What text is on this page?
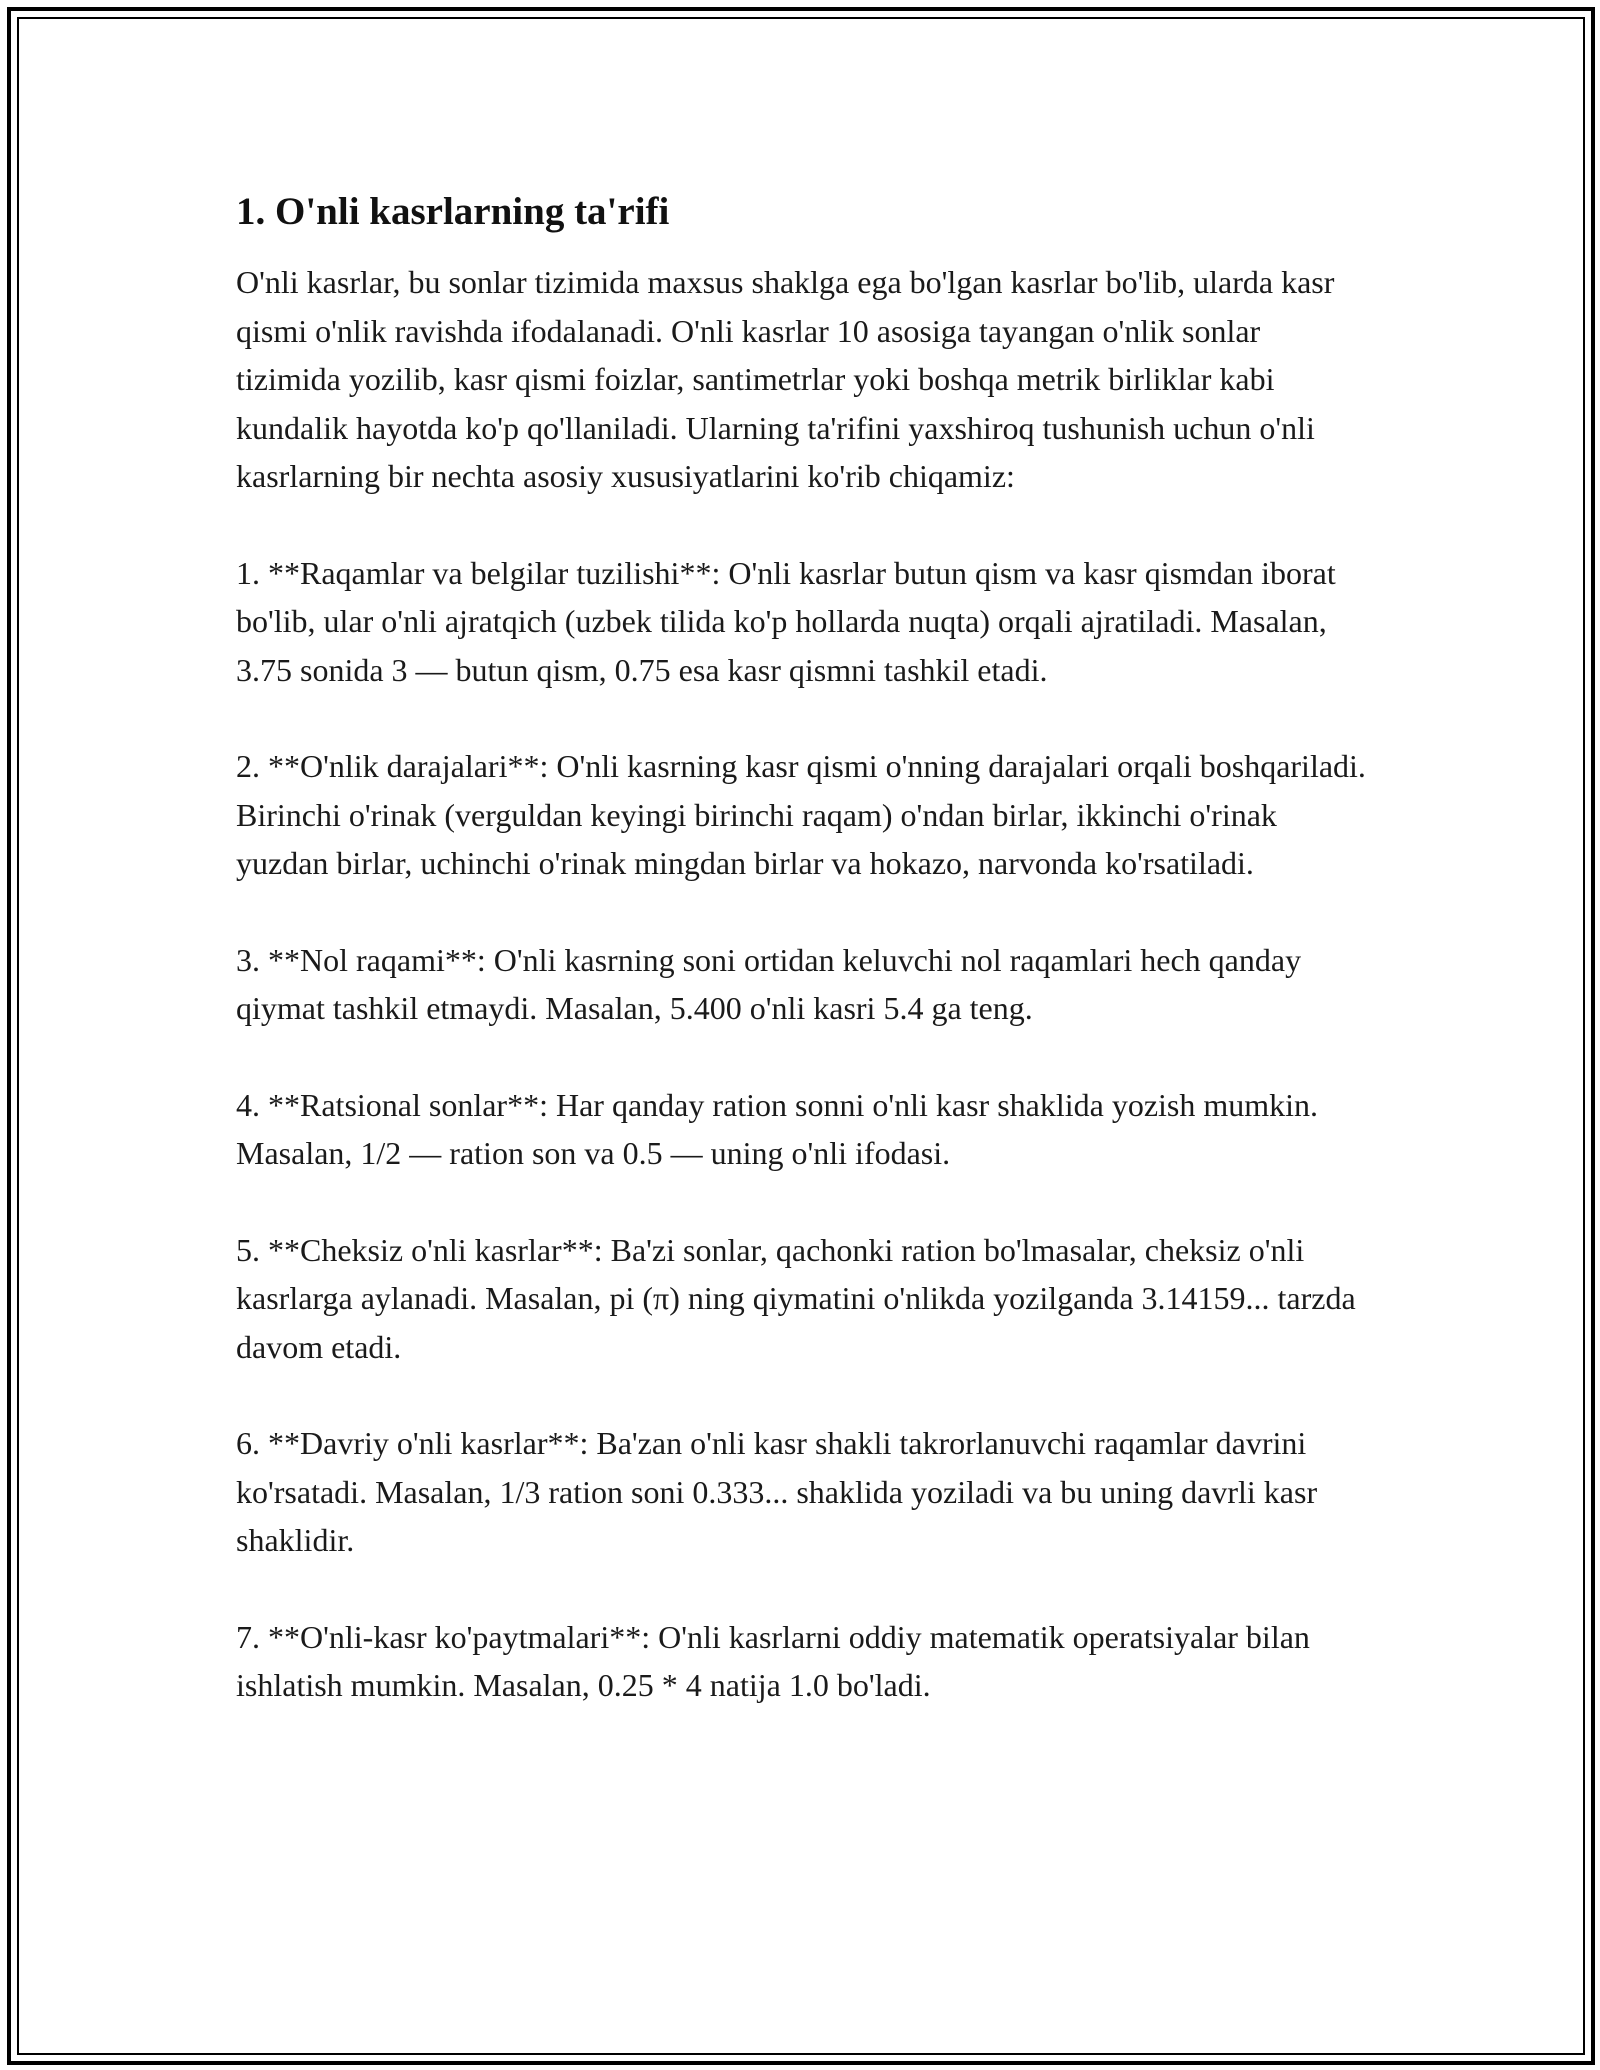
1. O'nli kasrlarning ta'rifi

O'nli kasrlar, bu sonlar tizimida maxsus shaklga ega bo'lgan kasrlar bo'lib, ularda kasr qismi o'nlik ravishda ifodalanadi. O'nli kasrlar 10 asosiga tayangan o'nlik sonlar tizimida yozilib, kasr qismi foizlar, santimetrlar yoki boshqa metrik birliklar kabi kundalik hayotda ko'p qo'llaniladi. Ularning ta'rifini yaxshiroq tushunish uchun o'nli kasrlarning bir nechta asosiy xususiyatlarini ko'rib chiqamiz:

1. **Raqamlar va belgilar tuzilishi**: O'nli kasrlar butun qism va kasr qismdan iborat bo'lib, ular o'nli ajratqich (uzbek tilida ko'p hollarda nuqta) orqali ajratiladi. Masalan, 3.75 sonida 3 — butun qism, 0.75 esa kasr qismni tashkil etadi.

2. **O'nlik darajalari**: O'nli kasrning kasr qismi o'nning darajalari orqali boshqariladi. Birinchi o'rinak (verguldan keyingi birinchi raqam) o'ndan birlar, ikkinchi o'rinak yuzdan birlar, uchinchi o'rinak mingdan birlar va hokazo, narvonda ko'rsatiladi.

3. **Nol raqami**: O'nli kasrning soni ortidan keluvchi nol raqamlari hech qanday qiymat tashkil etmaydi. Masalan, 5.400 o'nli kasri 5.4 ga teng.

4. **Ratsional sonlar**: Har qanday ration sonni o'nli kasr shaklida yozish mumkin. Masalan, 1/2 — ration son va 0.5 — uning o'nli ifodasi.

5. **Cheksiz o'nli kasrlar**: Ba'zi sonlar, qachonki ration bo'lmasalar, cheksiz o'nli kasrlarga aylanadi. Masalan, pi (π) ning qiymatini o'nlikda yozilganda 3.14159... tarzda davom etadi.

6. **Davriy o'nli kasrlar**: Ba'zan o'nli kasr shakli takrorlanuvchi raqamlar davrini ko'rsatadi. Masalan, 1/3 ration soni 0.333... shaklida yoziladi va bu uning davrli kasr shaklidir.

7. **O'nli-kasr ko'paytmalari**: O'nli kasrlarni oddiy matematik operatsiyalar bilan ishlatish mumkin. Masalan, 0.25 * 4 natija 1.0 bo'ladi.
